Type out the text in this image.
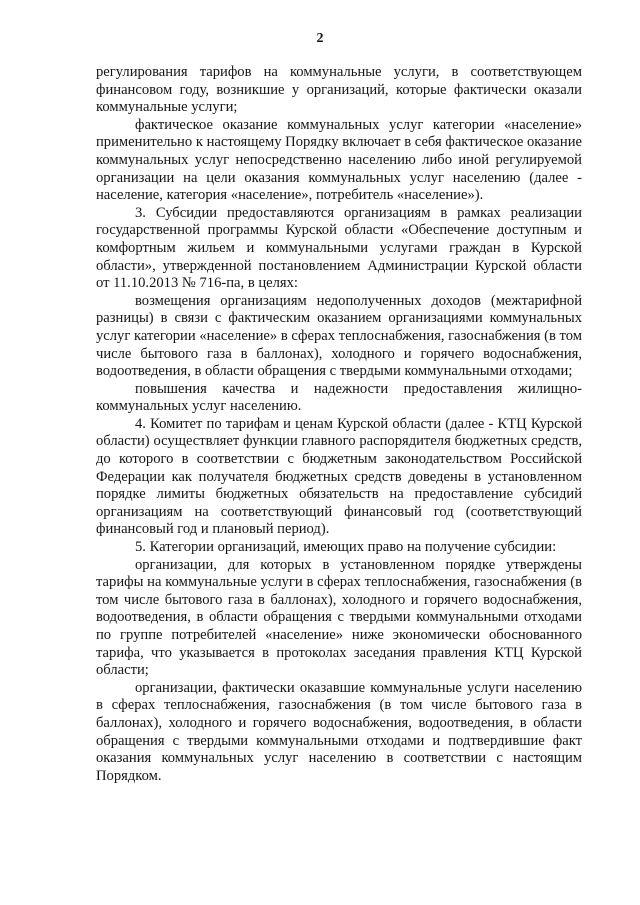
2

регулирования тарифов на коммунальные услуги, в соответствующем финансовом году, возникшие у организаций, которые фактически оказали коммунальные услуги;

фактическое оказание коммунальных услуг категории «население» применительно к настоящему Порядку включает в себя фактическое оказание коммунальных услуг непосредственно населению либо иной регулируемой организации на цели оказания коммунальных услуг населению (далее - население, категория «население», потребитель «население»).

3. Субсидии предоставляются организациям в рамках реализации государственной программы Курской области «Обеспечение доступным и комфортным жильем и коммунальными услугами граждан в Курской области», утвержденной постановлением Администрации Курской области от 11.10.2013 № 716-па, в целях:

возмещения организациям недополученных доходов (межтарифной разницы) в связи с фактическим оказанием организациями коммунальных услуг категории «население» в сферах теплоснабжения, газоснабжения (в том числе бытового газа в баллонах), холодного и горячего водоснабжения, водоотведения, в области обращения с твердыми коммунальными отходами;

повышения качества и надежности предоставления жилищно-коммунальных услуг населению.

4. Комитет по тарифам и ценам Курской области (далее - КТЦ Курской области) осуществляет функции главного распорядителя бюджетных средств, до которого в соответствии с бюджетным законодательством Российской Федерации как получателя бюджетных средств доведены в установленном порядке лимиты бюджетных обязательств на предоставление субсидий организациям на соответствующий финансовый год (соответствующий финансовый год и плановый период).

5. Категории организаций, имеющих право на получение субсидии:

организации, для которых в установленном порядке утверждены тарифы на коммунальные услуги в сферах теплоснабжения, газоснабжения (в том числе бытового газа в баллонах), холодного и горячего водоснабжения, водоотведения, в области обращения с твердыми коммунальными отходами по группе потребителей «население» ниже экономически обоснованного тарифа, что указывается в протоколах заседания правления КТЦ Курской области;

организации, фактически оказавшие коммунальные услуги населению в сферах теплоснабжения, газоснабжения (в том числе бытового газа в баллонах), холодного и горячего водоснабжения, водоотведения, в области обращения с твердыми коммунальными отходами и подтвердившие факт оказания коммунальных услуг населению в соответствии с настоящим Порядком.
